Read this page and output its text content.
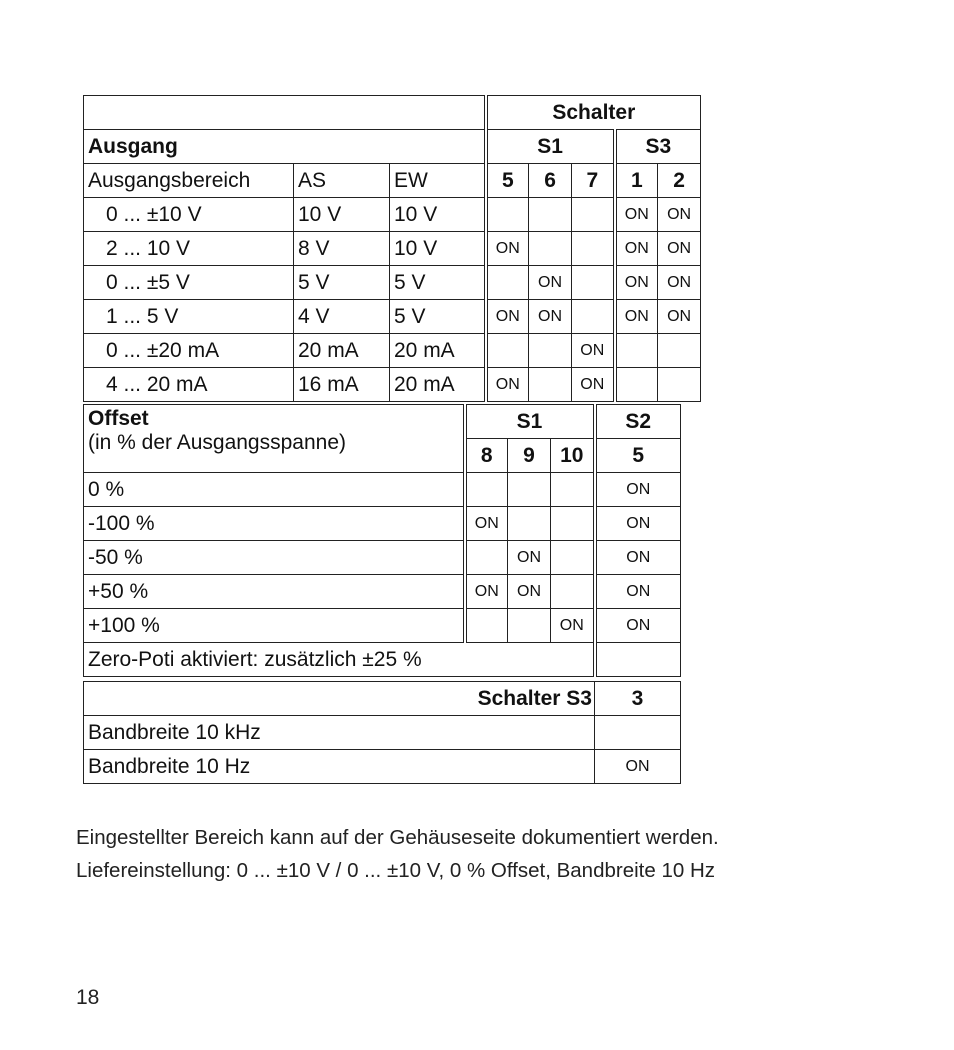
			Schalter				
Ausgang			S1			S3	
Ausgangsbereich	AS	EW	5	6	7	1	2
0 ... ±10 V	10 V	10 V				ON	ON
2 ... 10 V	8 V	10 V	ON			ON	ON
0 ... ±5 V	5 V	5 V		ON		ON	ON
1 ... 5 V	4 V	5 V	ON	ON		ON	ON
0 ... ±20 mA	20 mA	20 mA			ON		
4 ... 20 mA	16 mA	20 mA	ON		ON		
Offset
(in % der Ausgangsspanne)	S1			S2
	8	9	10	5
0 %				ON
-100 %	ON			ON
-50 %		ON		ON
+50 %	ON	ON		ON
+100 %			ON	ON
Zero-Poti aktiviert: zusätzlich ±25 %				
Schalter S3	3
Bandbreite 10 kHz	
Bandbreite 10 Hz	ON
Eingestellter Bereich kann auf der Gehäuseseite dokumentiert werden.
Liefereinstellung: 0 ... ±10 V / 0 ... ±10 V, 0 % Offset, Bandbreite 10 Hz
18
